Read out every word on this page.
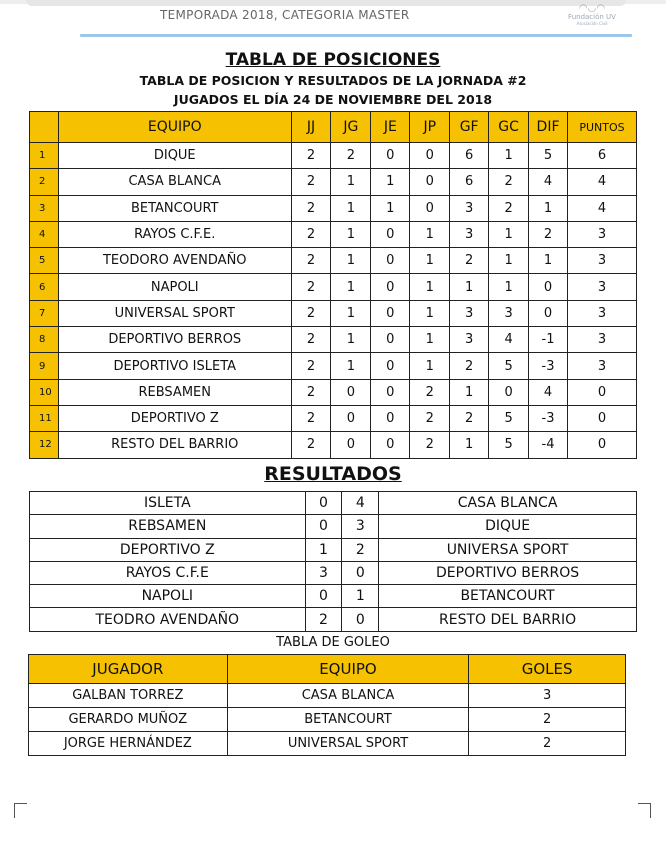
TEMPORADA 2018, CATEGORIA MASTER	◠◡◠
Fundación UV
Asociación Civil
TABLA DE POSICIONES
TABLA DE POSICION Y RESULTADOS DE LA JORNADA #2
JUGADOS EL DÍA 24 DE NOVIEMBRE DEL 2018
	EQUIPO	JJ	JG	JE	JP	GF	GC	DIF	PUNTOS
1	DIQUE	2	2	0	0	6	1	5	6
2	CASA BLANCA	2	1	1	0	6	2	4	4
3	BETANCOURT	2	1	1	0	3	2	1	4
4	RAYOS C.F.E.	2	1	0	1	3	1	2	3
5	TEODORO AVENDAÑO	2	1	0	1	2	1	1	3
6	NAPOLI	2	1	0	1	1	1	0	3
7	UNIVERSAL SPORT	2	1	0	1	3	3	0	3
8	DEPORTIVO BERROS	2	1	0	1	3	4	-1	3
9	DEPORTIVO ISLETA	2	1	0	1	2	5	-3	3
10	REBSAMEN	2	0	0	2	1	0	4	0
11	DEPORTIVO Z	2	0	0	2	2	5	-3	0
12	RESTO DEL BARRIO	2	0	0	2	1	5	-4	0
RESULTADOS
ISLETA	0	4	CASA BLANCA
REBSAMEN	0	3	DIQUE
DEPORTIVO Z	1	2	UNIVERSA SPORT
RAYOS C.F.E	3	0	DEPORTIVO BERROS
NAPOLI	0	1	BETANCOURT
TEODRO AVENDAÑO	2	0	RESTO DEL BARRIO
TABLA DE GOLEO
JUGADOR	EQUIPO	GOLES
GALBAN TORREZ	CASA BLANCA	3
GERARDO MUÑOZ	BETANCOURT	2
JORGE HERNÁNDEZ	UNIVERSAL SPORT	2
